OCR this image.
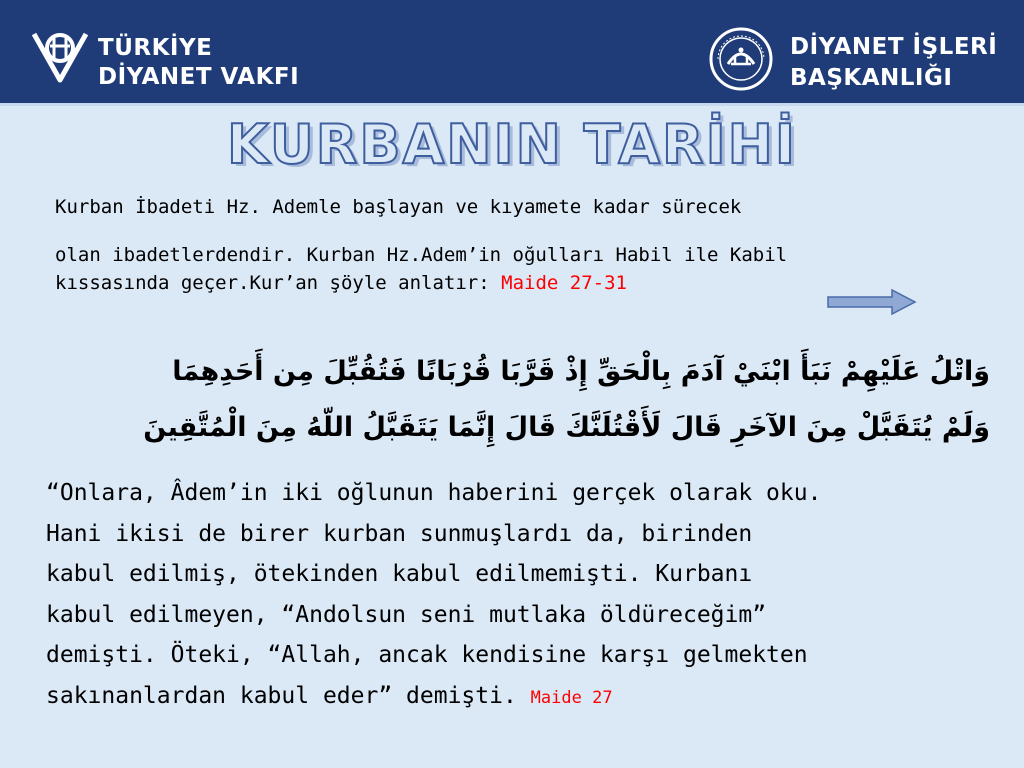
TÜRKİYE
DİYANET VAKFI
DİYANET İŞLERİ
BAŞKANLIĞI
KURBANIN TARİHİ

Kurban İbadeti Hz. Ademle başlayan ve kıyamete kadar sürecek

olan ibadetlerdendir. Kurban Hz.Adem’in oğulları Habil ile Kabil

kıssasında geçer.Kur’an şöyle anlatır: Maide 27-31

وَاتْلُ عَلَيْهِمْ نَبَأَ ابْنَيْ آدَمَ بِالْحَقِّ إِذْ قَرَّبَا قُرْبَانًا فَتُقُبِّلَ مِن أَحَدِهِمَا
وَلَمْ يُتَقَبَّلْ مِنَ الآخَرِ قَالَ لَأَقْتُلَنَّكَ قَالَ إِنَّمَا يَتَقَبَّلُ اللّهُ مِنَ الْمُتَّقِينَ

“Onlara, Âdem’in iki oğlunun haberini gerçek olarak oku.

Hani ikisi de birer kurban sunmuşlardı da, birinden

kabul edilmiş, ötekinden kabul edilmemişti. Kurbanı

kabul edilmeyen, “Andolsun seni mutlaka öldüreceğim”

demişti. Öteki, “Allah, ancak kendisine karşı gelmekten

sakınanlardan kabul eder” demişti. Maide 27
